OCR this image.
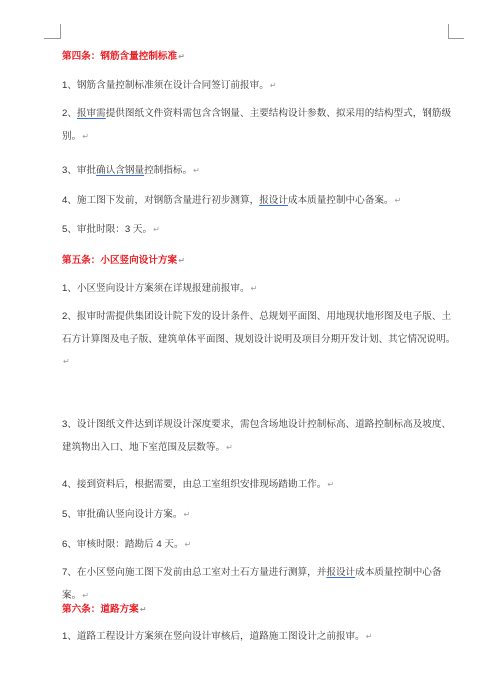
第四条：钢筋含量控制标准↵

1、钢筋含量控制标准须在设计合同签订前报审。↵

2、报审需提供图纸文件资料需包含含钢量、主要结构设计参数、拟采用的结构型式，钢筋级别。↵

3、审批确认含钢量控制指标。↵

4、施工图下发前，对钢筋含量进行初步测算，报设计成本质量控制中心备案。↵

5、审批时限：3 天。↵

第五条：小区竖向设计方案↵

1、小区竖向设计方案须在详规报建前报审。↵

2、报审时需提供集团设计院下发的设计条件、总规划平面图、用地现状地形图及电子版、土石方计算图及电子版、建筑单体平面图、规划设计说明及项目分期开发计划、其它情况说明。↵

3、设计图纸文件达到详规设计深度要求，需包含场地设计控制标高、道路控制标高及坡度、建筑物出入口、地下室范围及层数等。↵

4、接到资料后，根据需要，由总工室组织安排现场踏勘工作。↵

5、审批确认竖向设计方案。↵

6、审核时限：踏勘后 4 天。↵

7、在小区竖向施工图下发前由总工室对土石方量进行测算，并报设计成本质量控制中心备案。↵

第六条：道路方案↵

1、道路工程设计方案须在竖向设计审核后，道路施工图设计之前报审。↵
